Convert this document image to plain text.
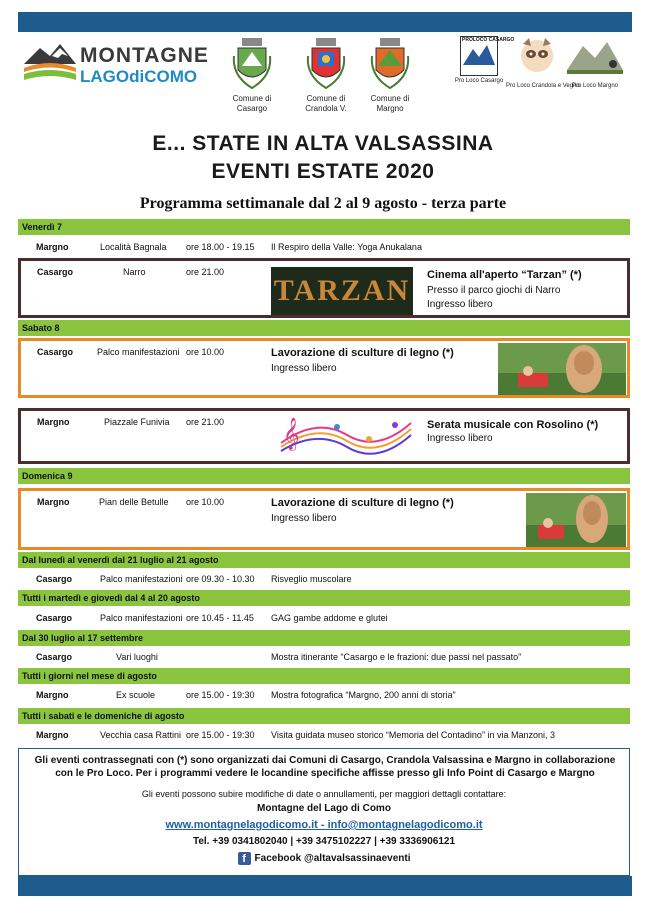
MONTAGNE
LAGOdiCOMO
Comune di
Casargo
Comune di
Crandola V.
Comune di
Margno
PROLOCO CASARGO
Pro Loco Casargo
Pro Loco Crandola e Vegno
Pro Loco Margno
E... STATE IN ALTA VALSASSINA
EVENTI ESTATE 2020
Programma settimanale dal 2 al 9 agosto - terza parte
Venerdì 7
Margno	Località Bagnala ore 18.00 - 19.15 Il Respiro della Valle: Yoga Anukalana
Casargo	Narro	ore 21.00
TARZAN Cinema all'aperto “Tarzan” (*)
Presso il parco giochi di Narro
Ingresso libero
Sabato 8
Casargo	Palco manifestazioni ore 10.00	Lavorazione di sculture di legno (*)
Ingresso libero
Margno	Piazzale Funivia ore 21.00 𝄞	Serata musicale con Rosolino (*)
Ingresso libero
Domenica 9
Margno	Pian delle Betulle ore 10.00	Lavorazione di sculture di legno (*)
Ingresso libero
Dal lunedì al venerdì dal 21 luglio al 21 agosto
Casargo	Palco manifestazioni ore 09.30 - 10.30 Risveglio muscolare
Tutti i martedì e giovedì dal 4 al 20 agosto
Casargo	Palco manifestazioni ore 10.45 - 11.45 GAG gambe addome e glutei
Dal 30 luglio al 17 settembre
Casargo	Vari luoghi	Mostra itinerante “Casargo e le frazioni: due passi nel passato”
Tutti i giorni nel mese di agosto
Margno	Ex scuole	ore 15.00 - 19:30 Mostra fotografica “Margno, 200 anni di storia”
Tutti i sabati e le domeniche di agosto
Margno	Vecchia casa Rattini ore 15.00 - 19:30 Visita guidata museo storico “Memoria del Contadino” in via Manzoni, 3
Gli eventi contrassegnati con (*) sono organizzati dai Comuni di Casargo, Crandola Valsassina e Margno in collaborazione con le Pro Loco. Per i programmi vedere le locandine specifiche affisse presso gli Info Point di Casargo e Margno
Gli eventi possono subire modifiche di date o annullamenti, per maggiori dettagli contattare:
Montagne del Lago di Como
www.montagnelagodicomo.it - info@montagnelagodicomo.it
Tel. +39 0341802040 | +39 3475102227 | +39 3336906121
f Facebook @altavalsassinaeventi
